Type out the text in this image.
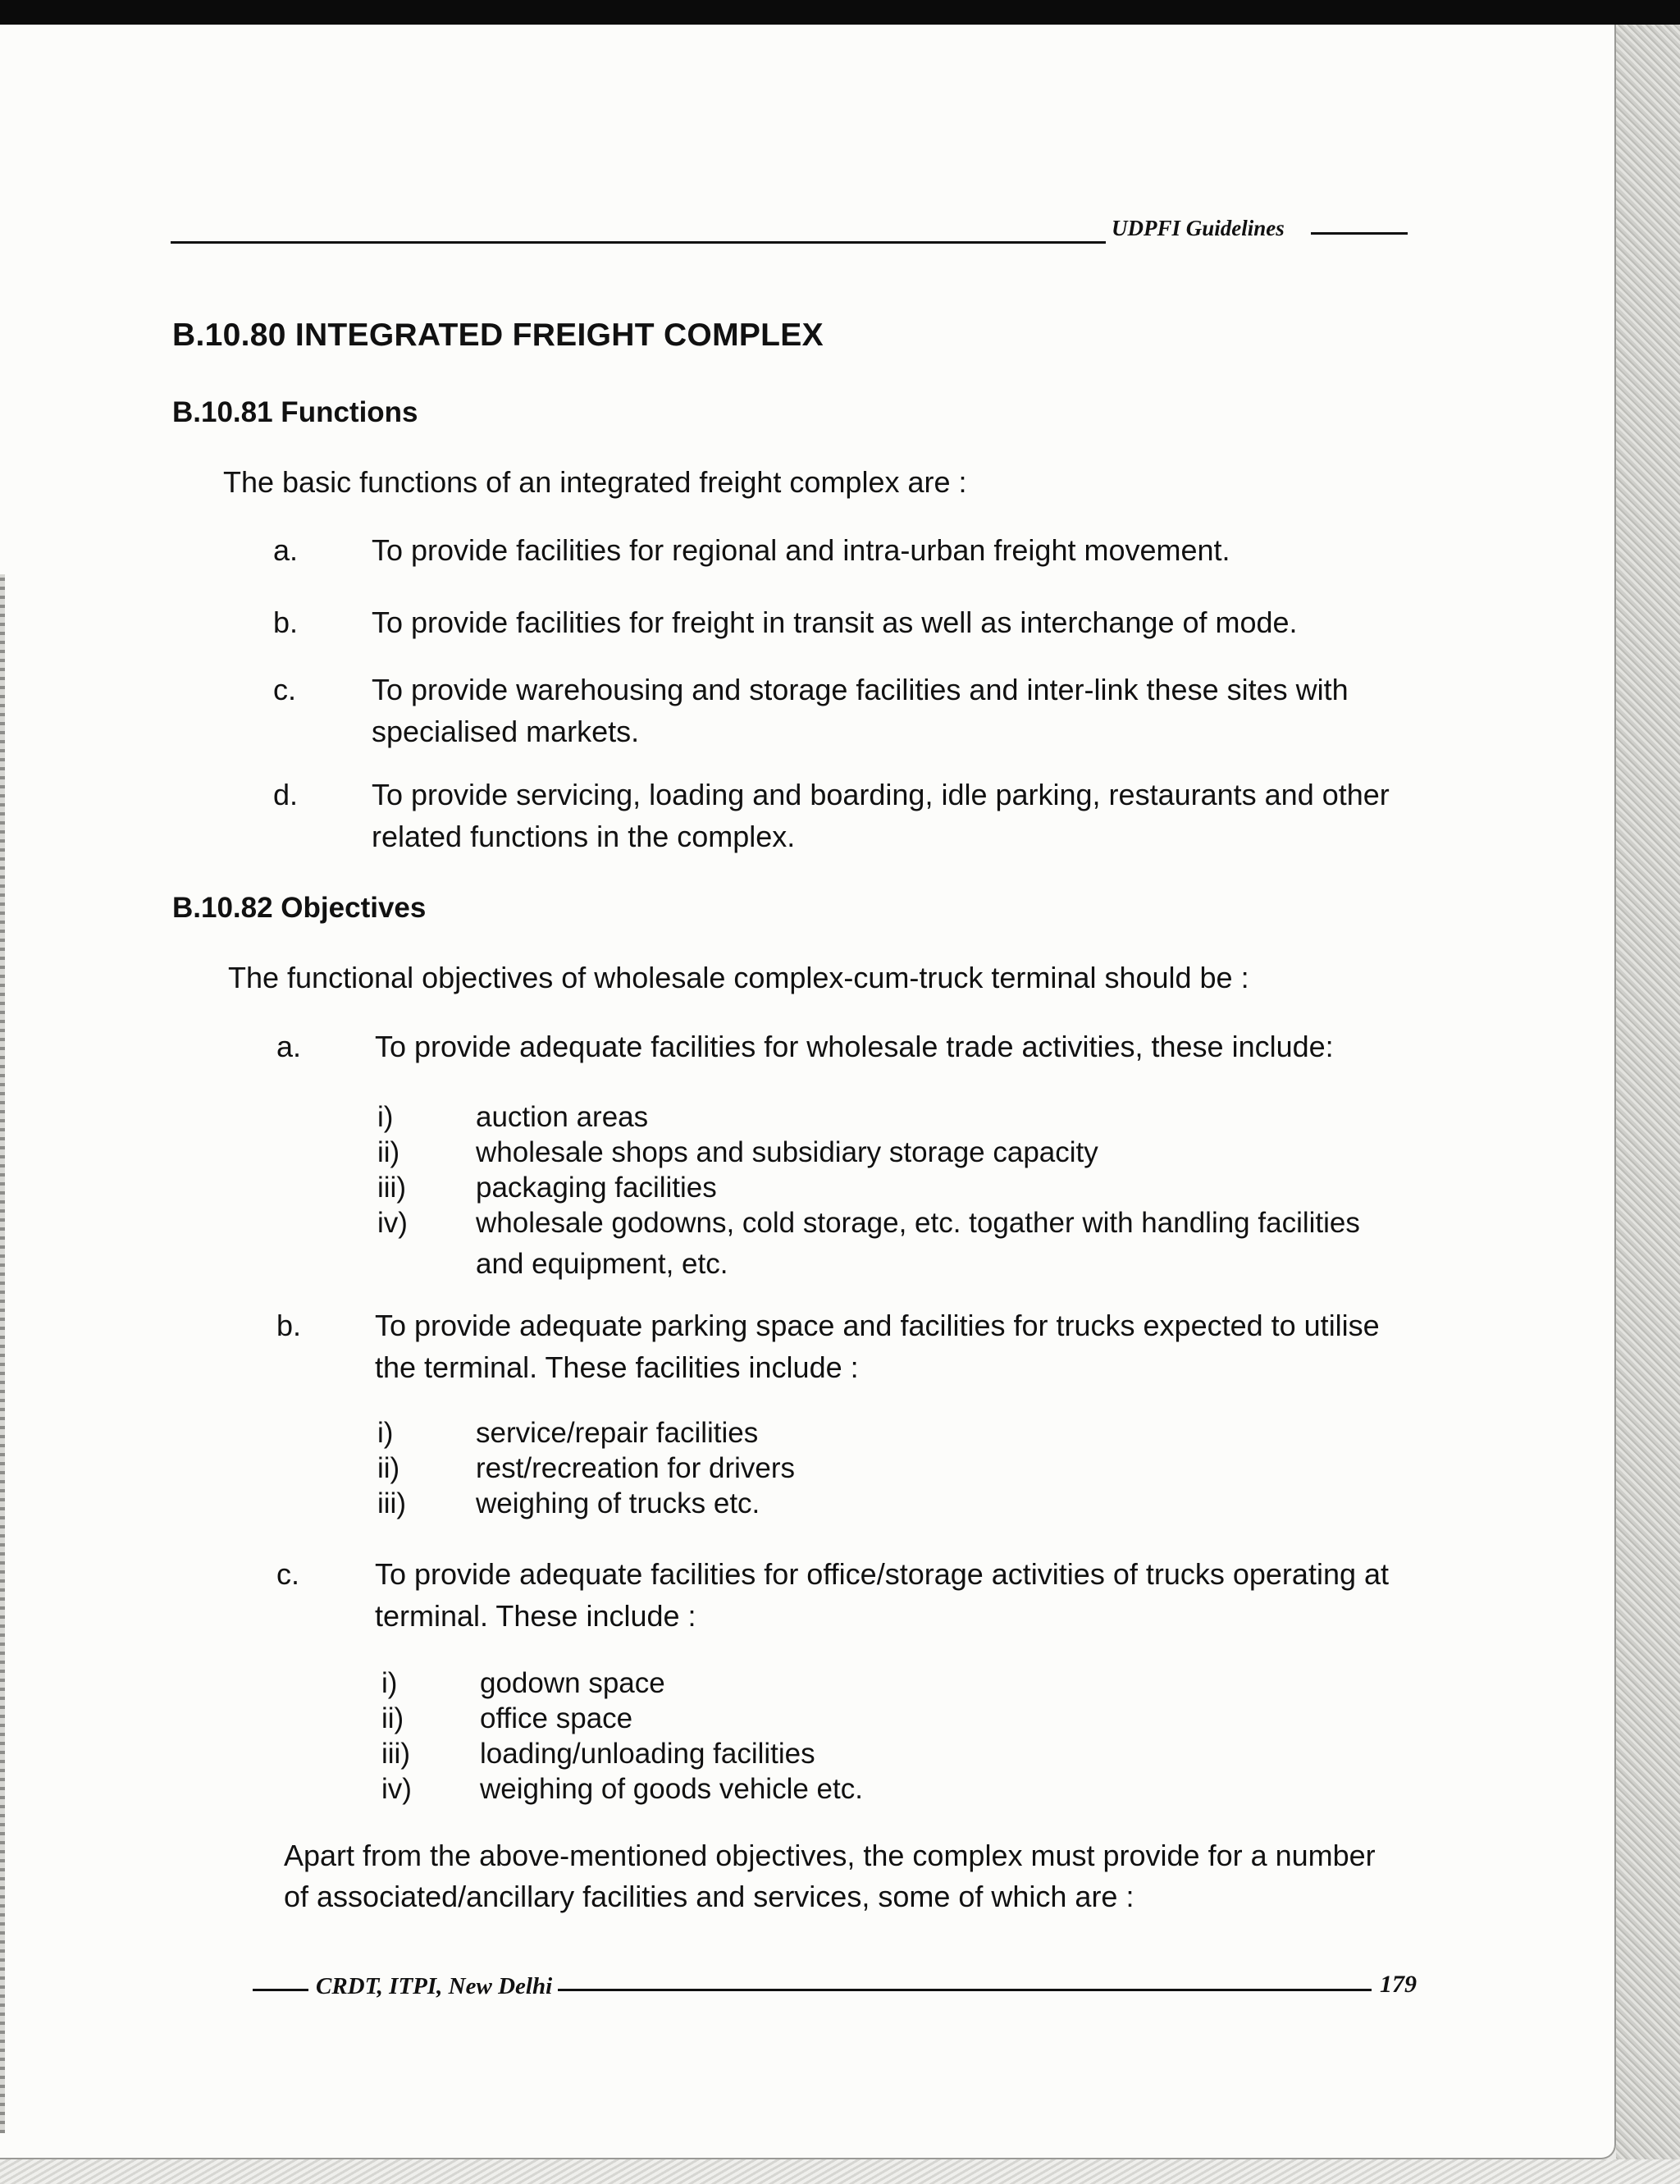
UDPFI Guidelines
B.10.80 INTEGRATED FREIGHT COMPLEX
B.10.81 Functions
The basic functions of an integrated freight complex are :
a. To provide facilities for regional and intra-urban freight movement.
b. To provide facilities for freight in transit as well as interchange of mode.
c.	To provide warehousing and storage facilities and inter-link these sites with
specialised markets.
d. To provide servicing, loading and boarding, idle parking, restaurants and other
related functions in the complex.
B.10.82 Objectives
The functional objectives of wholesale complex-cum-truck terminal should be :
a. To provide adequate facilities for wholesale trade activities, these include:
i)	auction areas
ii)	wholesale shops and subsidiary storage capacity
iii) packaging facilities
iv) wholesale godowns, cold storage, etc. togather with handling facilities
and equipment, etc.
b. To provide adequate parking space and facilities for trucks expected to utilise
the terminal. These facilities include :
i)	service/repair facilities
ii)	rest/recreation for drivers
iii) weighing of trucks etc.
c.	To provide adequate facilities for office/storage activities of trucks operating at
terminal. These include :
i)	godown space
ii)	office space
iii) loading/unloading facilities
iv) weighing of goods vehicle etc.
Apart from the above-mentioned objectives, the complex must provide for a number
of associated/ancillary facilities and services, some of which are :
CRDT, ITPI, New Delhi	179
